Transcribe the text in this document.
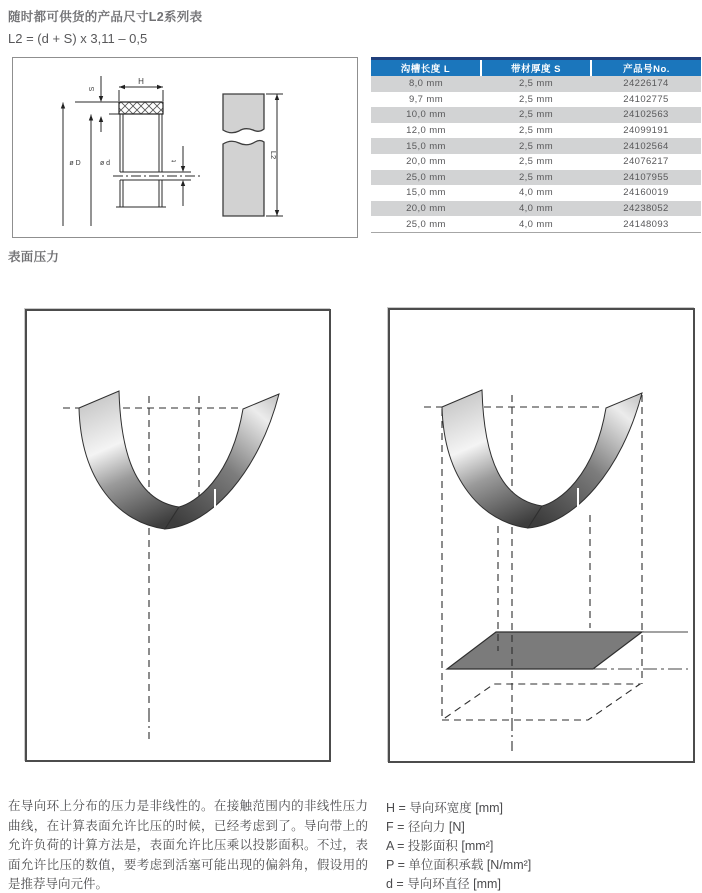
随时都可供货的产品尺寸L2系列表
L2 = (d + S) x 3,11 – 0,5
H
S
ø D	ø d	t
L2
沟槽长度 L	带材厚度 S	产品号No.
8,0 mm	2,5 mm	24226174
9,7 mm	2,5 mm	24102775
10,0 mm	2,5 mm	24102563
12,0 mm	2,5 mm	24099191
15,0 mm	2,5 mm	24102564
20,0 mm	2,5 mm	24076217
25,0 mm	2,5 mm	24107955
15,0 mm	4,0 mm	24160019
20,0 mm	4,0 mm	24238052
25,0 mm	4,0 mm	24148093
表面压力
在导向环上分布的压力是非线性的。在接触范围内的非线性压力曲线，在计算表面允许比压的时候，已经考虑到了。导向带上的允许负荷的计算方法是，表面允许比压乘以投影面积。不过，表面允许比压的数值，要考虑到活塞可能出现的偏斜角，假设用的是推荐导向元件。
H = 导向环宽度 [mm]
F = 径向力 [N]
A = 投影面积 [mm²]
P = 单位面积承载 [N/mm²]
d = 导向环直径 [mm]
